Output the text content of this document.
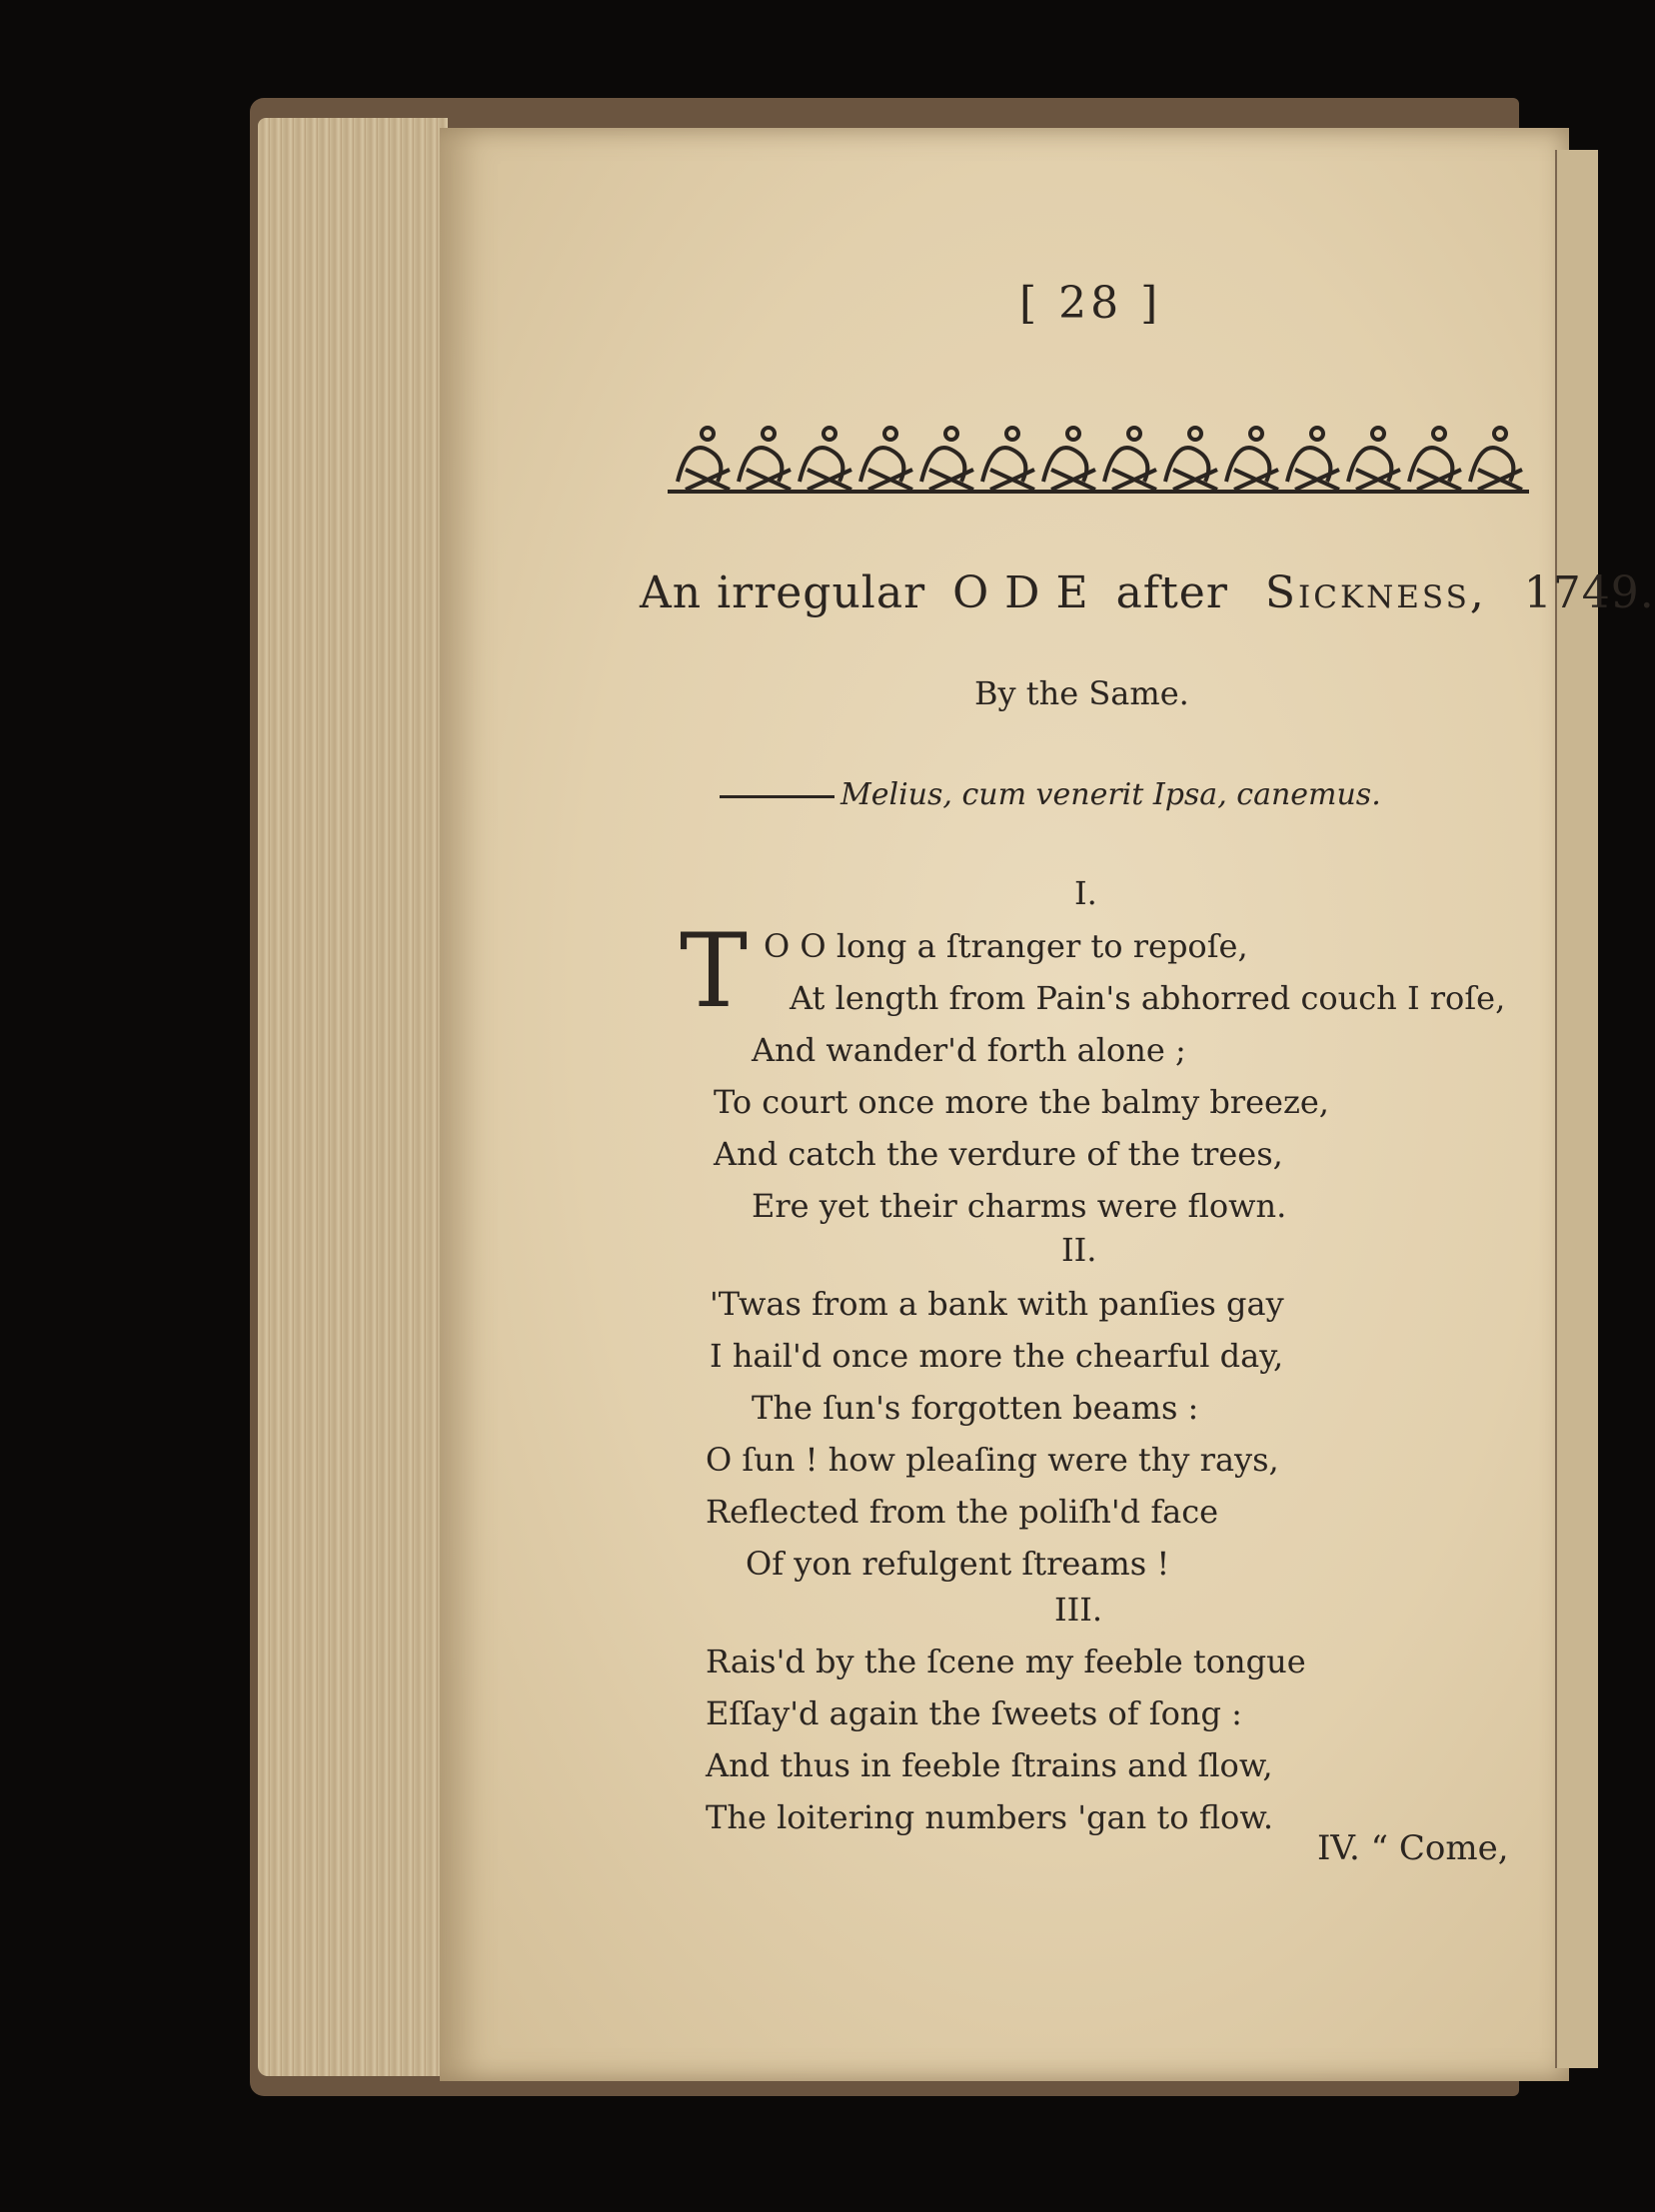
[ 28 ]
An irregular O D E after Sickness, 1749.
By the Same.
Melius, cum venerit Ipsa, canemus.
I.
T O O long a ſtranger to repoſe,
At length from Pain's abhorred couch I roſe,
And wander'd forth alone ;
To court once more the balmy breeze,
And catch the verdure of the trees,
Ere yet their charms were flown.
II.
'Twas from a bank with panſies gay
I hail'd once more the chearful day,
The ſun's forgotten beams :
O ſun ! how pleaſing were thy rays,
Reflected from the poliſh'd face
Of yon refulgent ſtreams !
III.
Rais'd by the ſcene my feeble tongue
Eſſay'd again the ſweets of ſong :
And thus in feeble ſtrains and ſlow,
The loitering numbers 'gan to flow.
IV. “ Come,
